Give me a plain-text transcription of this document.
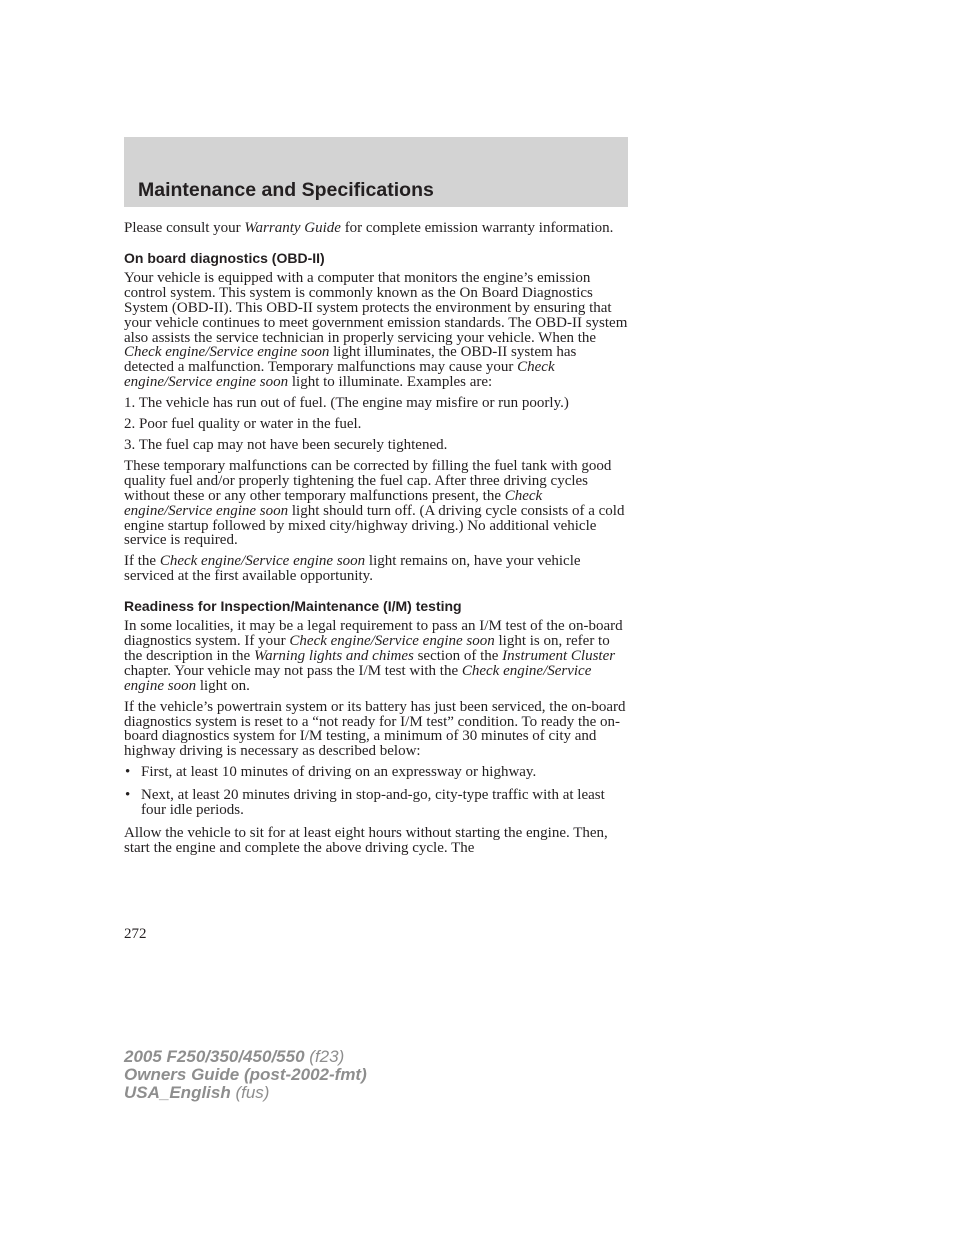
Maintenance and Specifications

Please consult your Warranty Guide for complete emission warranty information.

On board diagnostics (OBD-II)

Your vehicle is equipped with a computer that monitors the engine’s emission control system. This system is commonly known as the On Board Diagnostics System (OBD-II). This OBD-II system protects the environment by ensuring that your vehicle continues to meet government emission standards. The OBD-II system also assists the service technician in properly servicing your vehicle. When the Check engine/Service engine soon light illuminates, the OBD-II system has detected a malfunction. Temporary malfunctions may cause your Check engine/Service engine soon light to illuminate. Examples are:

1. The vehicle has run out of fuel. (The engine may misfire or run poorly.)

2. Poor fuel quality or water in the fuel.

3. The fuel cap may not have been securely tightened.

These temporary malfunctions can be corrected by filling the fuel tank with good quality fuel and/or properly tightening the fuel cap. After three driving cycles without these or any other temporary malfunctions present, the Check engine/Service engine soon light should turn off. (A driving cycle consists of a cold engine startup followed by mixed city/highway driving.) No additional vehicle service is required.

If the Check engine/Service engine soon light remains on, have your vehicle serviced at the first available opportunity.

Readiness for Inspection/Maintenance (I/M) testing

In some localities, it may be a legal requirement to pass an I/M test of the on-board diagnostics system. If your Check engine/Service engine soon light is on, refer to the description in the Warning lights and chimes section of the Instrument Cluster chapter. Your vehicle may not pass the I/M test with the Check engine/Service engine soon light on.

If the vehicle’s powertrain system or its battery has just been serviced, the on-board diagnostics system is reset to a “not ready for I/M test” condition. To ready the on-board diagnostics system for I/M testing, a minimum of 30 minutes of city and highway driving is necessary as described below:

• First, at least 10 minutes of driving on an expressway or highway.
• Next, at least 20 minutes driving in stop-and-go, city-type traffic with at least four idle periods.

Allow the vehicle to sit for at least eight hours without starting the engine. Then, start the engine and complete the above driving cycle. The

272
2005 F250/350/450/550 (f23)
Owners Guide (post-2002-fmt)
USA_English (fus)
